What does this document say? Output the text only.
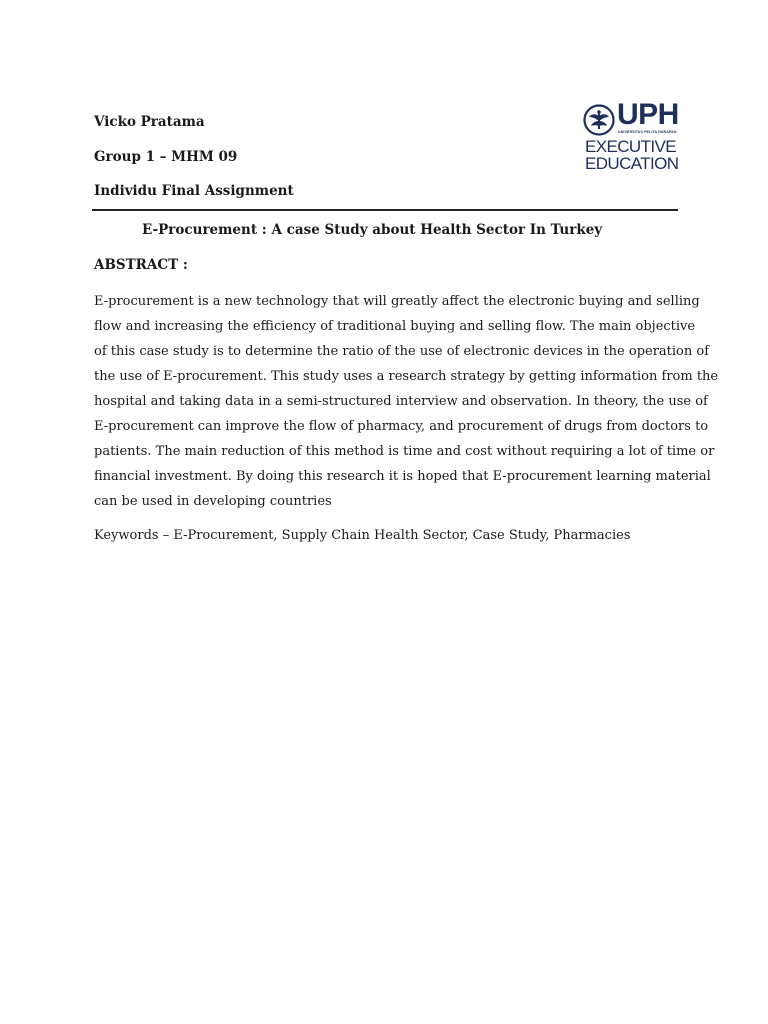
Vicko Pratama
Group 1 – MHM 09
Individu Final Assignment
UPH
UNIVERSITAS PELITA HARAPAN
EXECUTIVE
EDUCATION
E-Procurement : A case Study about Health Sector In Turkey
ABSTRACT :
E-procurement is a new technology that will greatly affect the electronic buying and selling
flow and increasing the efficiency of traditional buying and selling flow. The main objective
of this case study is to determine the ratio of the use of electronic devices in the operation of
the use of E-procurement. This study uses a research strategy by getting information from the
hospital and taking data in a semi-structured interview and observation. In theory, the use of
E-procurement can improve the flow of pharmacy, and procurement of drugs from doctors to
patients. The main reduction of this method is time and cost without requiring a lot of time or
financial investment. By doing this research it is hoped that E-procurement learning material
can be used in developing countries
Keywords – E-Procurement, Supply Chain Health Sector, Case Study, Pharmacies
